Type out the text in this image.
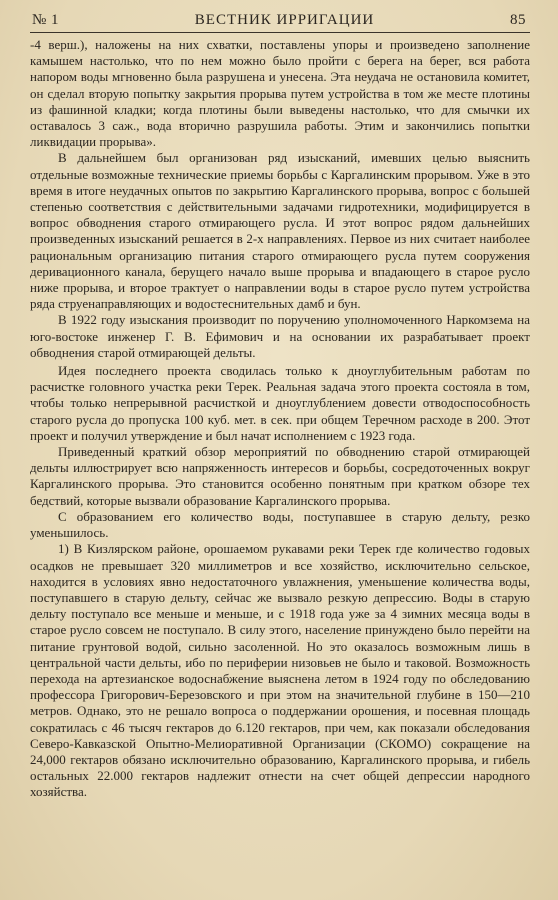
№ 1	ВЕСТНИК ИРРИГАЦИИ	85

-4 верш.), наложены на них схватки, поставлены упоры и произведено заполнение камышем настолько, что по нем можно было пройти с берега на берег, вся работа напором воды мгновенно была разрушена и унесена. Эта неудача не остановила комитет, он сделал вторую попытку закрытия прорыва путем устройства в том же месте плотины из фашинной кладки; когда плотины были выведены настолько, что для смычки их оставалось 3 саж., вода вторично разрушила работы. Этим и закончились попытки ликвидации прорыва».

В дальнейшем был организован ряд изысканий, имевших целью выяснить отдельные возможные технические приемы борьбы с Каргалинским прорывом. Уже в это время в итоге неудачных опытов по закрытию Каргалинского прорыва, вопрос с большей степенью соответствия с действительными задачами гидротехники, модифицируется в вопрос обводнения старого отмирающего русла. И этот вопрос рядом дальнейших произведенных изысканий решается в 2-х направлениях. Первое из них считает наиболее рациональным организацию питания старого отмирающего русла путем сооружения деривационного канала, берущего начало выше прорыва и впадающего в старое русло ниже прорыва, и второе трактует о направлении воды в старое русло путем устройства ряда струенаправляющих и водостеснительных дамб и бун.

В 1922 году изыскания производит по поручению уполномоченного Наркомзема на юго-востоке инженер Г. В. Ефимович и на основании их разрабатывает проект обводнения старой отмирающей дельты.

Идея последнего проекта сводилась только к дноуглубительным работам по расчистке головного участка реки Терек. Реальная задача этого проекта состояла в том, чтобы только непрерывной расчисткой и дноуглублением довести отводоспособность старого русла до пропуска 100 куб. мет. в сек. при общем Теречном расходе в 200. Этот проект и получил утверждение и был начат исполнением с 1923 года.

Приведенный краткий обзор мероприятий по обводнению старой отмирающей дельты иллюстрирует всю напряженность интересов и борьбы, сосредоточенных вокруг Каргалинского прорыва. Это становится особенно понятным при кратком обзоре тех бедствий, которые вызвали образование Каргалинского прорыва.

С образованием его количество воды, поступавшее в старую дельту, резко уменьшилось.

1) В Кизлярском районе, орошаемом рукавами реки Терек где количество годовых осадков не превышает 320 миллиметров и все хозяйство, исключительно сельское, находится в условиях явно недостаточного увлажнения, уменьшение количества воды, поступавшего в старую дельту, сейчас же вызвало резкую депрессию. Воды в старую дельту поступало все меньше и меньше, и с 1918 года уже за 4 зимних месяца воды в старое русло совсем не поступало. В силу этого, население принуждено было перейти на питание грунтовой водой, сильно засоленной. Но это оказалось возможным лишь в центральной части дельты, ибо по периферии низовьев не было и таковой. Возможность перехода на артезианское водоснабжение выяснена летом в 1924 году по обследованию профессора Григорович-Березовского и при этом на значительной глубине в 150—210 метров. Однако, это не решало вопроса о поддержании орошения, и посевная площадь сократилась с 46 тысяч гектаров до 6.120 гектаров, при чем, как показали обследования Северо-Кавказской Опытно-Мелиоративной Организации (СКОМО) сокращение на 24,000 гектаров обязано исключительно образованию, Каргалинского прорыва, и гибель остальных 22.000 гектаров надлежит отнести на счет общей депрессии народного хозяйства.
